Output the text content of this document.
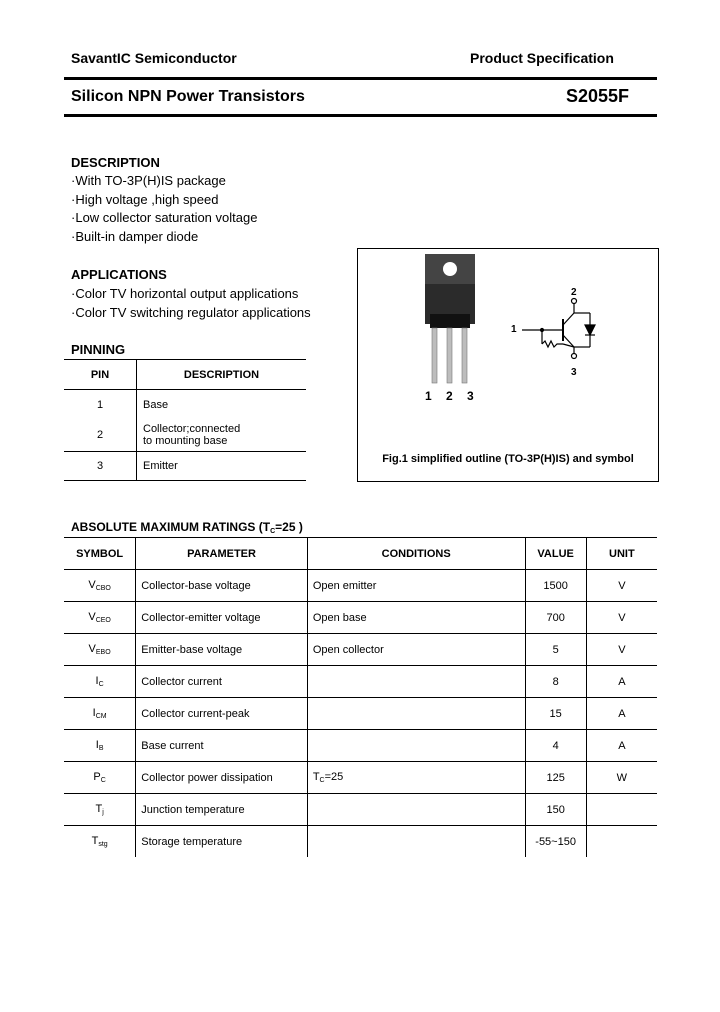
SavantIC Semiconductor	Product Specification
Silicon NPN Power Transistors	S2055F
DESCRIPTION
· With TO-3P(H)IS package
· High voltage ,high speed
· Low collector saturation voltage
· Built-in damper diode
APPLICATIONS
· Color TV horizontal output applications
· Color TV switching regulator applications
PINNING
PIN	DESCRIPTION
1	Base
2	Collector;connected to mounting base
3	Emitter
1 2 3
1
2
3
Fig.1 simplified outline (TO-3P(H)IS) and symbol
ABSOLUTE MAXIMUM RATINGS ($T_C=25$ )
SYMBOL	PARAMETER	CONDITIONS	VALUE	UNIT
$V_{CBO}$	Collector-base voltage	Open emitter	1500	V
$V_{CEO}$	Collector-emitter voltage	Open base	700	V
$V_{EBO}$	Emitter-base voltage	Open collector	5	V
$I_C$	Collector current		8	A
$I_{CM}$	Collector current-peak		15	A
$I_B$	Base current		4	A
$P_C$	Collector power dissipation	$T_C=25$	125	W
$T_j$	Junction temperature		150	
$T_{stg}$	Storage temperature		-55~150	
